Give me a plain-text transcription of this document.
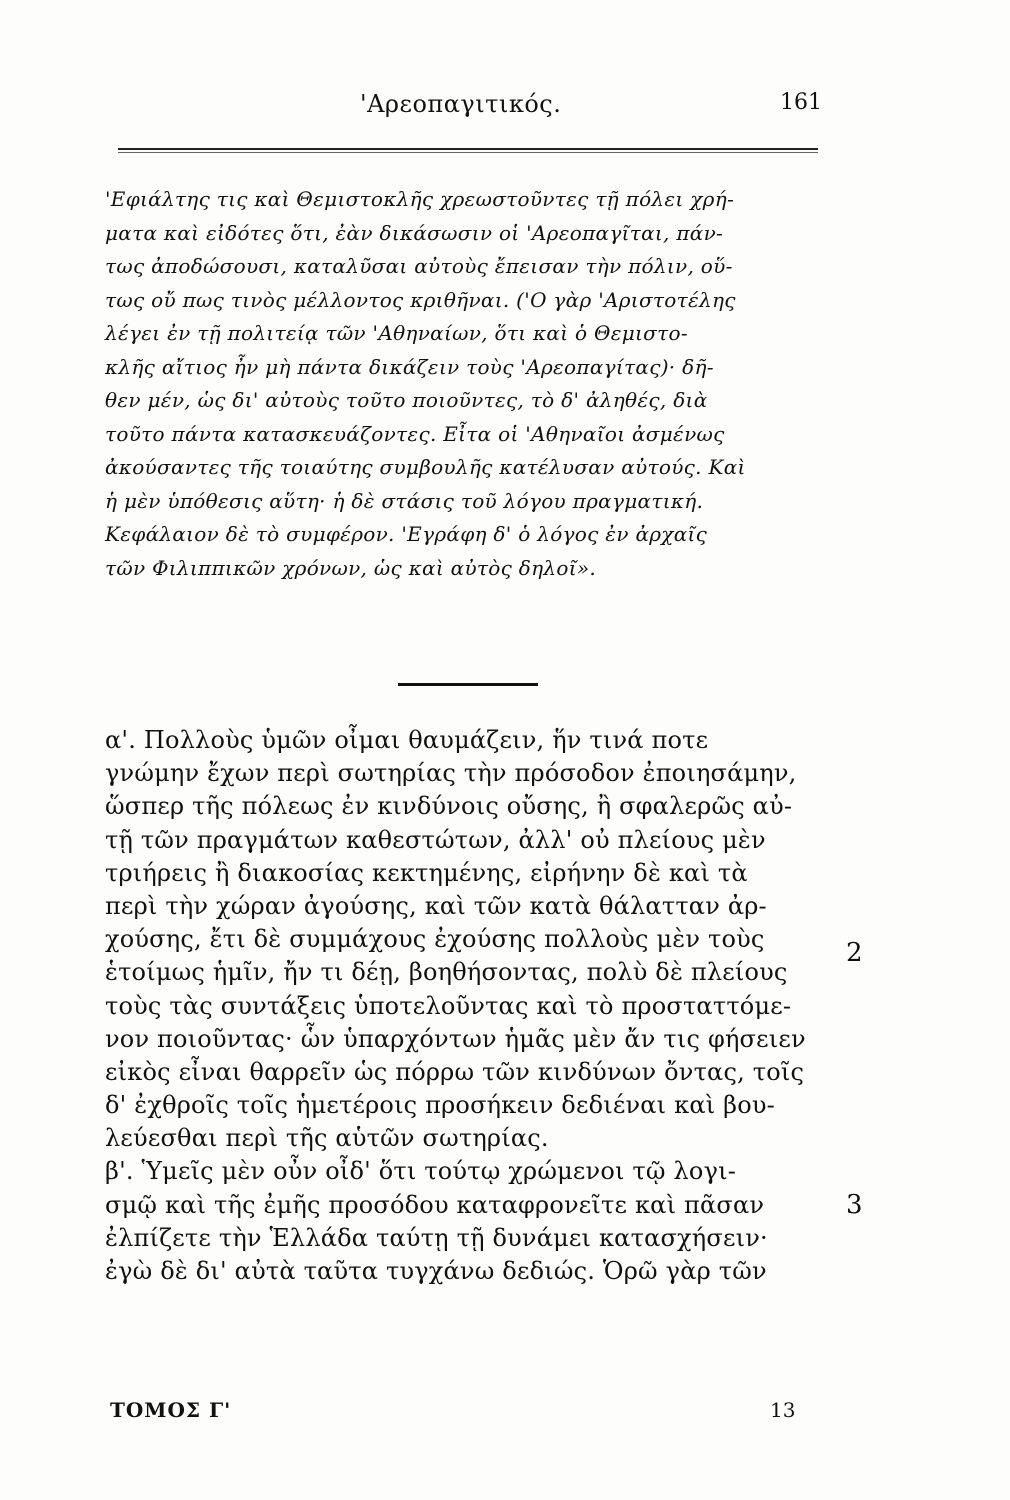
'Αρεοπαγιτικός.	161
'Εφιάλτης τις καὶ Θεμιστοκλῆς χρεωστοῦντες τῇ πόλει χρή-
ματα καὶ εἰδότες ὅτι, ἐὰν δικάσωσιν οἱ 'Αρεοπαγῖται, πάν-
τως ἀποδώσουσι, καταλῦσαι αὐτοὺς ἔπεισαν τὴν πόλιν, οὕ-
τως οὔ πως τινὸς μέλλοντος κριθῆναι. ('Ο γὰρ 'Αριστοτέλης
λέγει ἐν τῇ πολιτείᾳ τῶν 'Αθηναίων, ὅτι καὶ ὁ Θεμιστο-
κλῆς αἴτιος ἦν μὴ πάντα δικάζειν τοὺς 'Αρεοπαγίτας)· δῆ-
θεν μέν, ὡς δι' αὐτοὺς τοῦτο ποιοῦντες, τὸ δ' ἀληθές, διὰ
τοῦτο πάντα κατασκευάζοντες. Εἶτα οἱ 'Αθηναῖοι ἀσμένως
ἀκούσαντες τῆς τοιαύτης συμβουλῆς κατέλυσαν αὐτούς. Καὶ
ἡ μὲν ὑπόθεσις αὕτη· ἡ δὲ στάσις τοῦ λόγου πραγματική.
Κεφάλαιον δὲ τὸ συμφέρον. 'Εγράφη δ' ὁ λόγος ἐν ἀρχαῖς
τῶν Φιλιππικῶν χρόνων, ὡς καὶ αὐτὸς δηλοῖ».
α'. Πολλοὺς ὑμῶν οἶμαι θαυμάζειν, ἥν τινά ποτε
γνώμην ἔχων περὶ σωτηρίας τὴν πρόσοδον ἐποιησάμην,
ὥσπερ τῆς πόλεως ἐν κινδύνοις οὔσης, ἢ σφαλερῶς αὐ-
τῇ τῶν πραγμάτων καθεστώτων, ἀλλ' οὐ πλείους μὲν
τριήρεις ἢ διακοσίας κεκτημένης, εἰρήνην δὲ καὶ τὰ
περὶ τὴν χώραν ἀγούσης, καὶ τῶν κατὰ θάλατταν ἀρ-
χούσης, ἔτι δὲ συμμάχους ἐχούσης πολλοὺς μὲν τοὺς
ἑτοίμως ἡμῖν, ἤν τι δέῃ, βοηθήσοντας, πολὺ δὲ πλείους
τοὺς τὰς συντάξεις ὑποτελοῦντας καὶ τὸ προσταττόμε-
νον ποιοῦντας· ὧν ὑπαρχόντων ἡμᾶς μὲν ἄν τις φήσειεν
εἰκὸς εἶναι θαρρεῖν ὡς πόρρω τῶν κινδύνων ὄντας, τοῖς
δ' ἐχθροῖς τοῖς ἡμετέροις προσήκειν δεδιέναι καὶ βου-
λεύεσθαι περὶ τῆς αὑτῶν σωτηρίας.
β'. Ὑμεῖς μὲν οὖν οἶδ' ὅτι τούτῳ χρώμενοι τῷ λογι-
σμῷ καὶ τῆς ἐμῆς προσόδου καταφρονεῖτε καὶ πᾶσαν
ἐλπίζετε τὴν Ἑλλάδα ταύτῃ τῇ δυνάμει κατασχήσειν·
ἐγὼ δὲ δι' αὐτὰ ταῦτα τυγχάνω δεδιώς. Ὁρῶ γὰρ τῶν
2
3
ΤΟΜΟΣ Γ'	13
